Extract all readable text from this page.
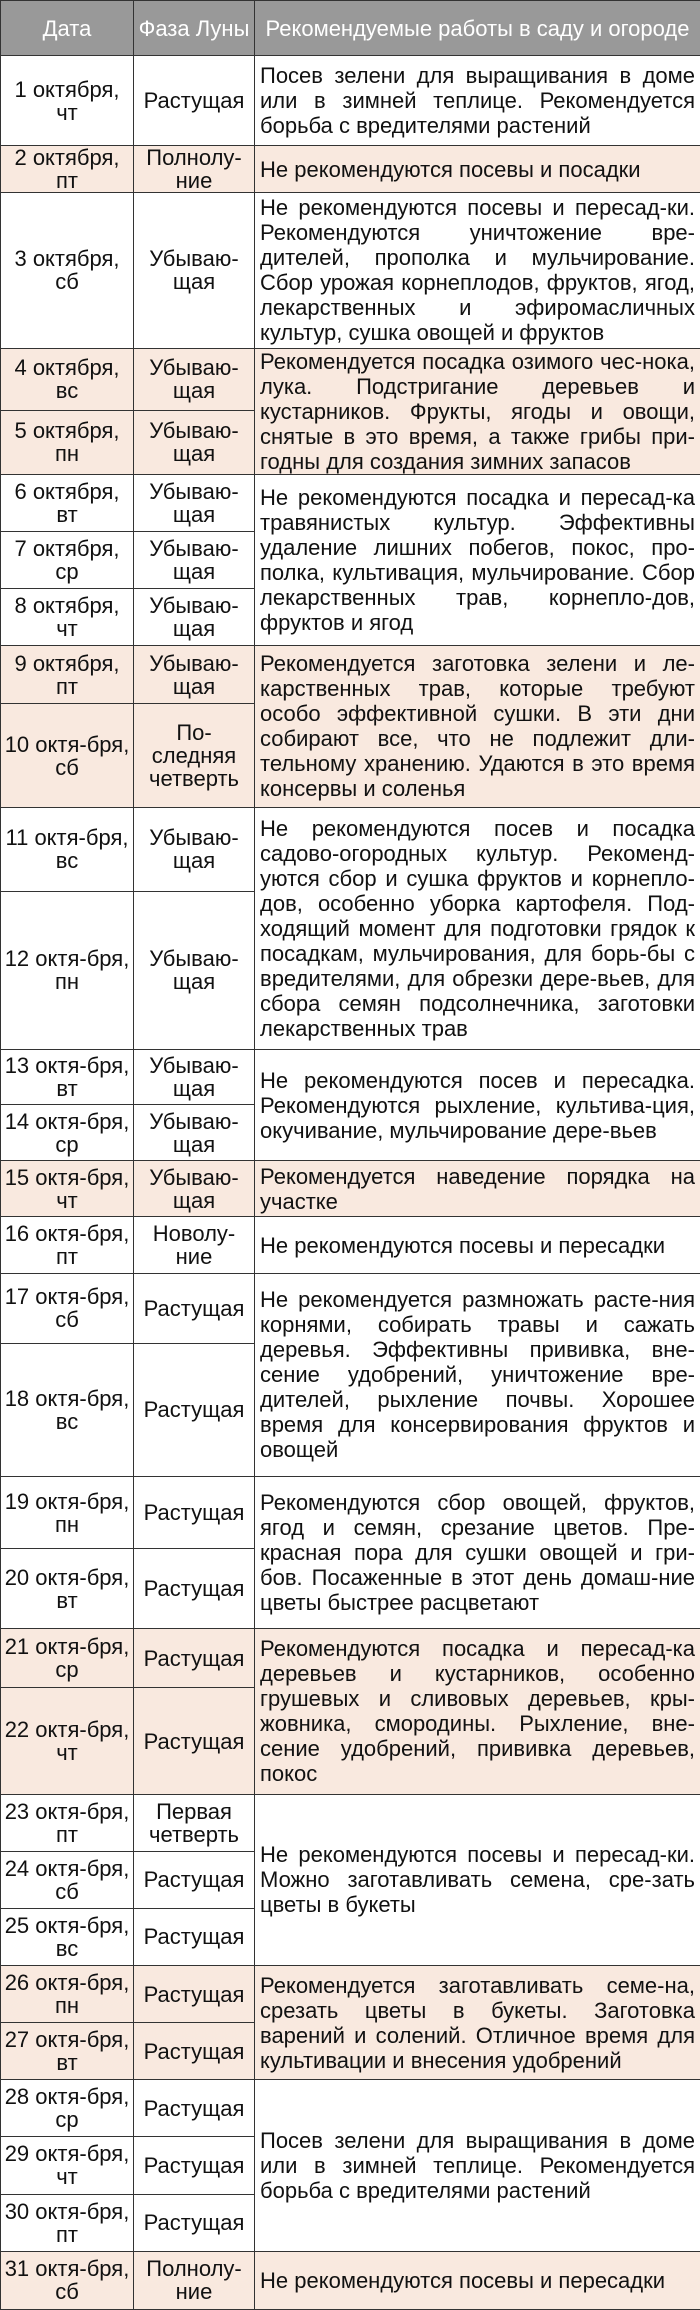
Дата	Фаза Луны	Рекомендуемые работы в саду и огороде
1 октября, чт	Растущая	Посев зелени для выращивания в доме или в зимней теплице. Рекомендуется борьба с вредителями растений
2 октября, пт	Полнолу-ние	Не рекомендуются посевы и посадки
3 октября, сб	Убываю-щая	Не рекомендуются посевы и пересад-ки. Рекомендуются уничтожение вре-дителей, прополка и мульчирование. Сбор урожая корнеплодов, фруктов, ягод, лекарственных и эфиромасличных культур, сушка овощей и фруктов
4 октября, вс	Убываю-щая	Рекомендуется посадка озимого чес-нока, лука. Подстригание деревьев и кустарников. Фрукты, ягоды и овощи, снятые в это время, а также грибы при-годны для создания зимних запасов
5 октября, пн	Убываю-щая	
6 октября, вт	Убываю-щая	Не рекомендуются посадка и пересад-ка травянистых культур. Эффективны удаление лишних побегов, покос, про-полка, культивация, мульчирование. Сбор лекарственных трав, корнепло-дов, фруктов и ягод
7 октября, ср	Убываю-щая	
8 октября, чт	Убываю-щая	
9 октября, пт	Убываю-щая	Рекомендуется заготовка зелени и ле-карственных трав, которые требуют особо эффективной сушки. В эти дни собирают все, что не подлежит дли-тельному хранению. Удаются в это время консервы и соленья
10 октя-бря, сб	По-следняя четверть	
11 октя-бря, вс	Убываю-щая	Не рекомендуются посев и посадка садово-огородных культур. Рекоменд-уются сбор и сушка фруктов и корнепло-дов, особенно уборка картофеля. Под-ходящий момент для подготовки грядок к посадкам, мульчирования, для борь-бы с вредителями, для обрезки дере-вьев, для сбора семян подсолнечника, заготовки лекарственных трав
12 октя-бря, пн	Убываю-щая	
13 октя-бря, вт	Убываю-щая	Не рекомендуются посев и пересадка. Рекомендуются рыхление, культива-ция, окучивание, мульчирование дере-вьев
14 октя-бря, ср	Убываю-щая	
15 октя-бря, чт	Убываю-щая	Рекомендуется наведение порядка на участке
16 октя-бря, пт	Новолу-ние	Не рекомендуются посевы и пересадки
17 октя-бря, сб	Растущая	Не рекомендуется размножать расте-ния корнями, собирать травы и сажать деревья. Эффективны прививка, вне-сение удобрений, уничтожение вре-дителей, рыхление почвы. Хорошее время для консервирования фруктов и овощей
18 октя-бря, вс	Растущая	
19 октя-бря, пн	Растущая	Рекомендуются сбор овощей, фруктов, ягод и семян, срезание цветов. Пре-красная пора для сушки овощей и гри-бов. Посаженные в этот день домаш-ние цветы быстрее расцветают
20 октя-бря, вт	Растущая	
21 октя-бря, ср	Растущая	Рекомендуются посадка и пересад-ка деревьев и кустарников, особенно грушевых и сливовых деревьев, кры-жовника, смородины. Рыхление, вне-сение удобрений, прививка деревьев, покос
22 октя-бря, чт	Растущая	
23 октя-бря, пт	Первая четверть	Не рекомендуются посевы и пересад-ки. Можно заготавливать семена, сре-зать цветы в букеты
24 октя-бря, сб	Растущая	
25 октя-бря, вс	Растущая	
26 октя-бря, пн	Растущая	Рекомендуется заготавливать семе-на, срезать цветы в букеты. Заготовка варений и солений. Отличное время для культивации и внесения удобрений
27 октя-бря, вт	Растущая	
28 октя-бря, ср	Растущая	Посев зелени для выращивания в доме или в зимней теплице. Рекомендуется борьба с вредителями растений
29 октя-бря, чт	Растущая	
30 октя-бря, пт	Растущая	
31 октя-бря, сб	Полнолу-ние	Не рекомендуются посевы и пересадки
